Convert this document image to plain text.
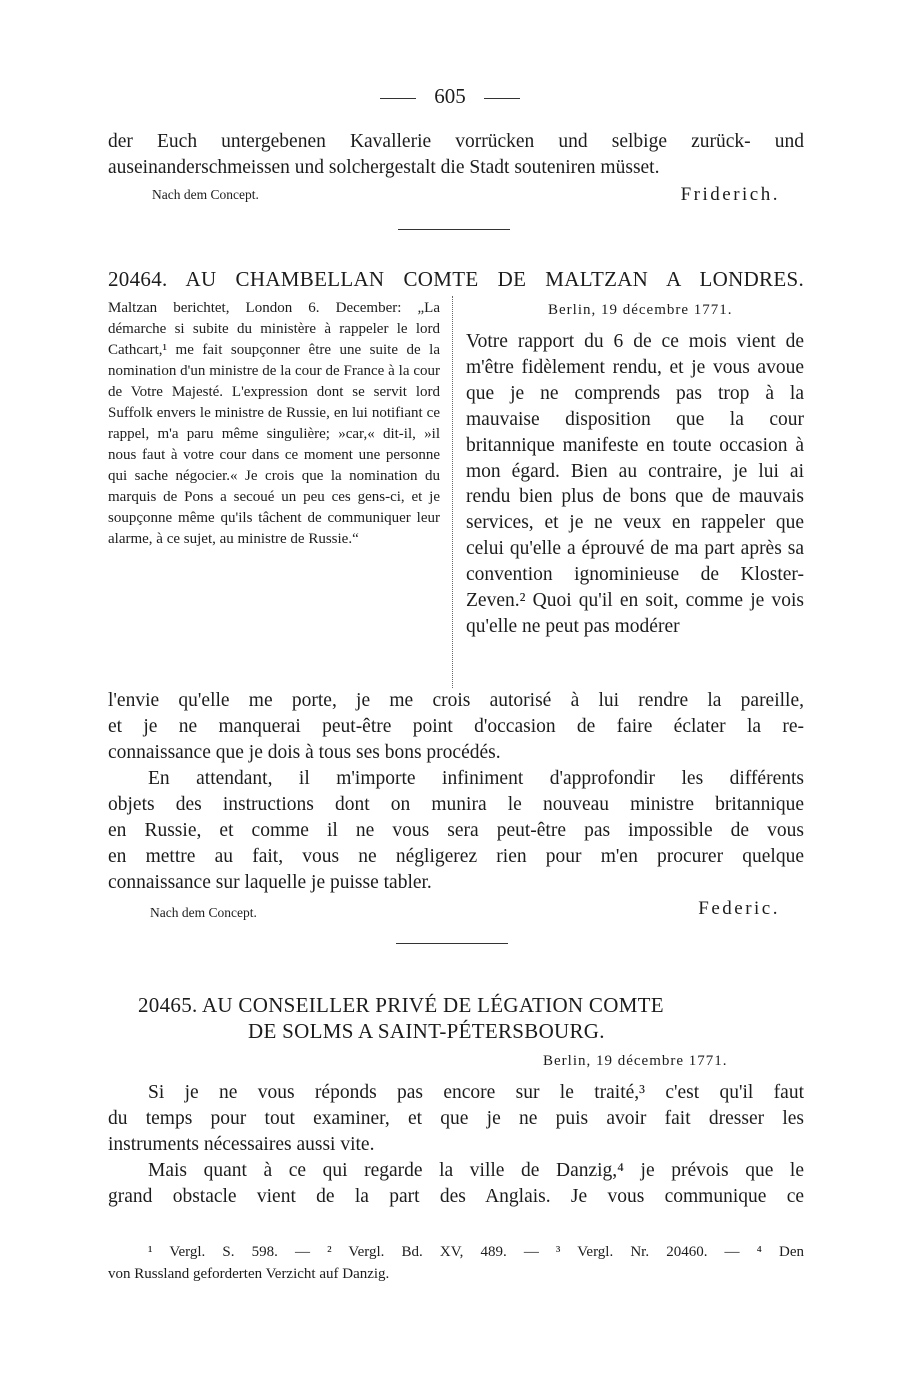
605
der Euch untergebenen Kavallerie vorrücken und selbige zurück- und
auseinanderschmeissen und solchergestalt die Stadt souteniren müsset.
Nach dem Concept.	Friderich.
20464. AU CHAMBELLAN COMTE DE MALTZAN A LONDRES.

Maltzan berichtet, London 6. December: „La démarche si subite du ministère à rappeler le lord Cathcart,¹ me fait soupçonner être une suite de la nomination d'un ministre de la cour de France à la cour de Votre Majesté. L'expression dont se servit lord Suffolk envers le ministre de Russie, en lui notifiant ce rappel, m'a paru même singulière; »car,« dit-il, »il nous faut à votre cour dans ce moment une personne qui sache négocier.« Je crois que la nomination du marquis de Pons a secoué un peu ces gens-ci, et je soupçonne même qu'ils tâchent de communiquer leur alarme, à ce sujet, au ministre de Russie.“

Berlin, 19 décembre 1771.

Votre rapport du 6 de ce mois vient de m'être fidèlement rendu, et je vous avoue que je ne comprends pas trop à la mauvaise disposition que la cour britannique manifeste en toute occasion à mon égard. Bien au contraire, je lui ai rendu bien plus de bons que de mauvais services, et je ne veux en rappeler que celui qu'elle a éprouvé de ma part après sa convention ignominieuse de Kloster-Zeven.² Quoi qu'il en soit, comme je vois qu'elle ne peut pas modérer

l'envie qu'elle me porte, je me crois autorisé à lui rendre la pareille,
et je ne manquerai peut-être point d'occasion de faire éclater la re-
connaissance que je dois à tous ses bons procédés.
En attendant, il m'importe infiniment d'approfondir les différents
objets des instructions dont on munira le nouveau ministre britannique
en Russie, et comme il ne vous sera peut-être pas impossible de vous
en mettre au fait, vous ne négligerez rien pour m'en procurer quelque
connaissance sur laquelle je puisse tabler.
Nach dem Concept.	Federic.
20465. AU CONSEILLER PRIVÉ DE LÉGATION COMTE
DE SOLMS A SAINT-PÉTERSBOURG.
Berlin, 19 décembre 1771.
Si je ne vous réponds pas encore sur le traité,³ c'est qu'il faut
du temps pour tout examiner, et que je ne puis avoir fait dresser les
instruments nécessaires aussi vite.
Mais quant à ce qui regarde la ville de Danzig,⁴ je prévois que le
grand obstacle vient de la part des Anglais. Je vous communique ce
¹ Vergl. S. 598. — ² Vergl. Bd. XV, 489. — ³ Vergl. Nr. 20460. — ⁴ Den
von Russland geforderten Verzicht auf Danzig.
